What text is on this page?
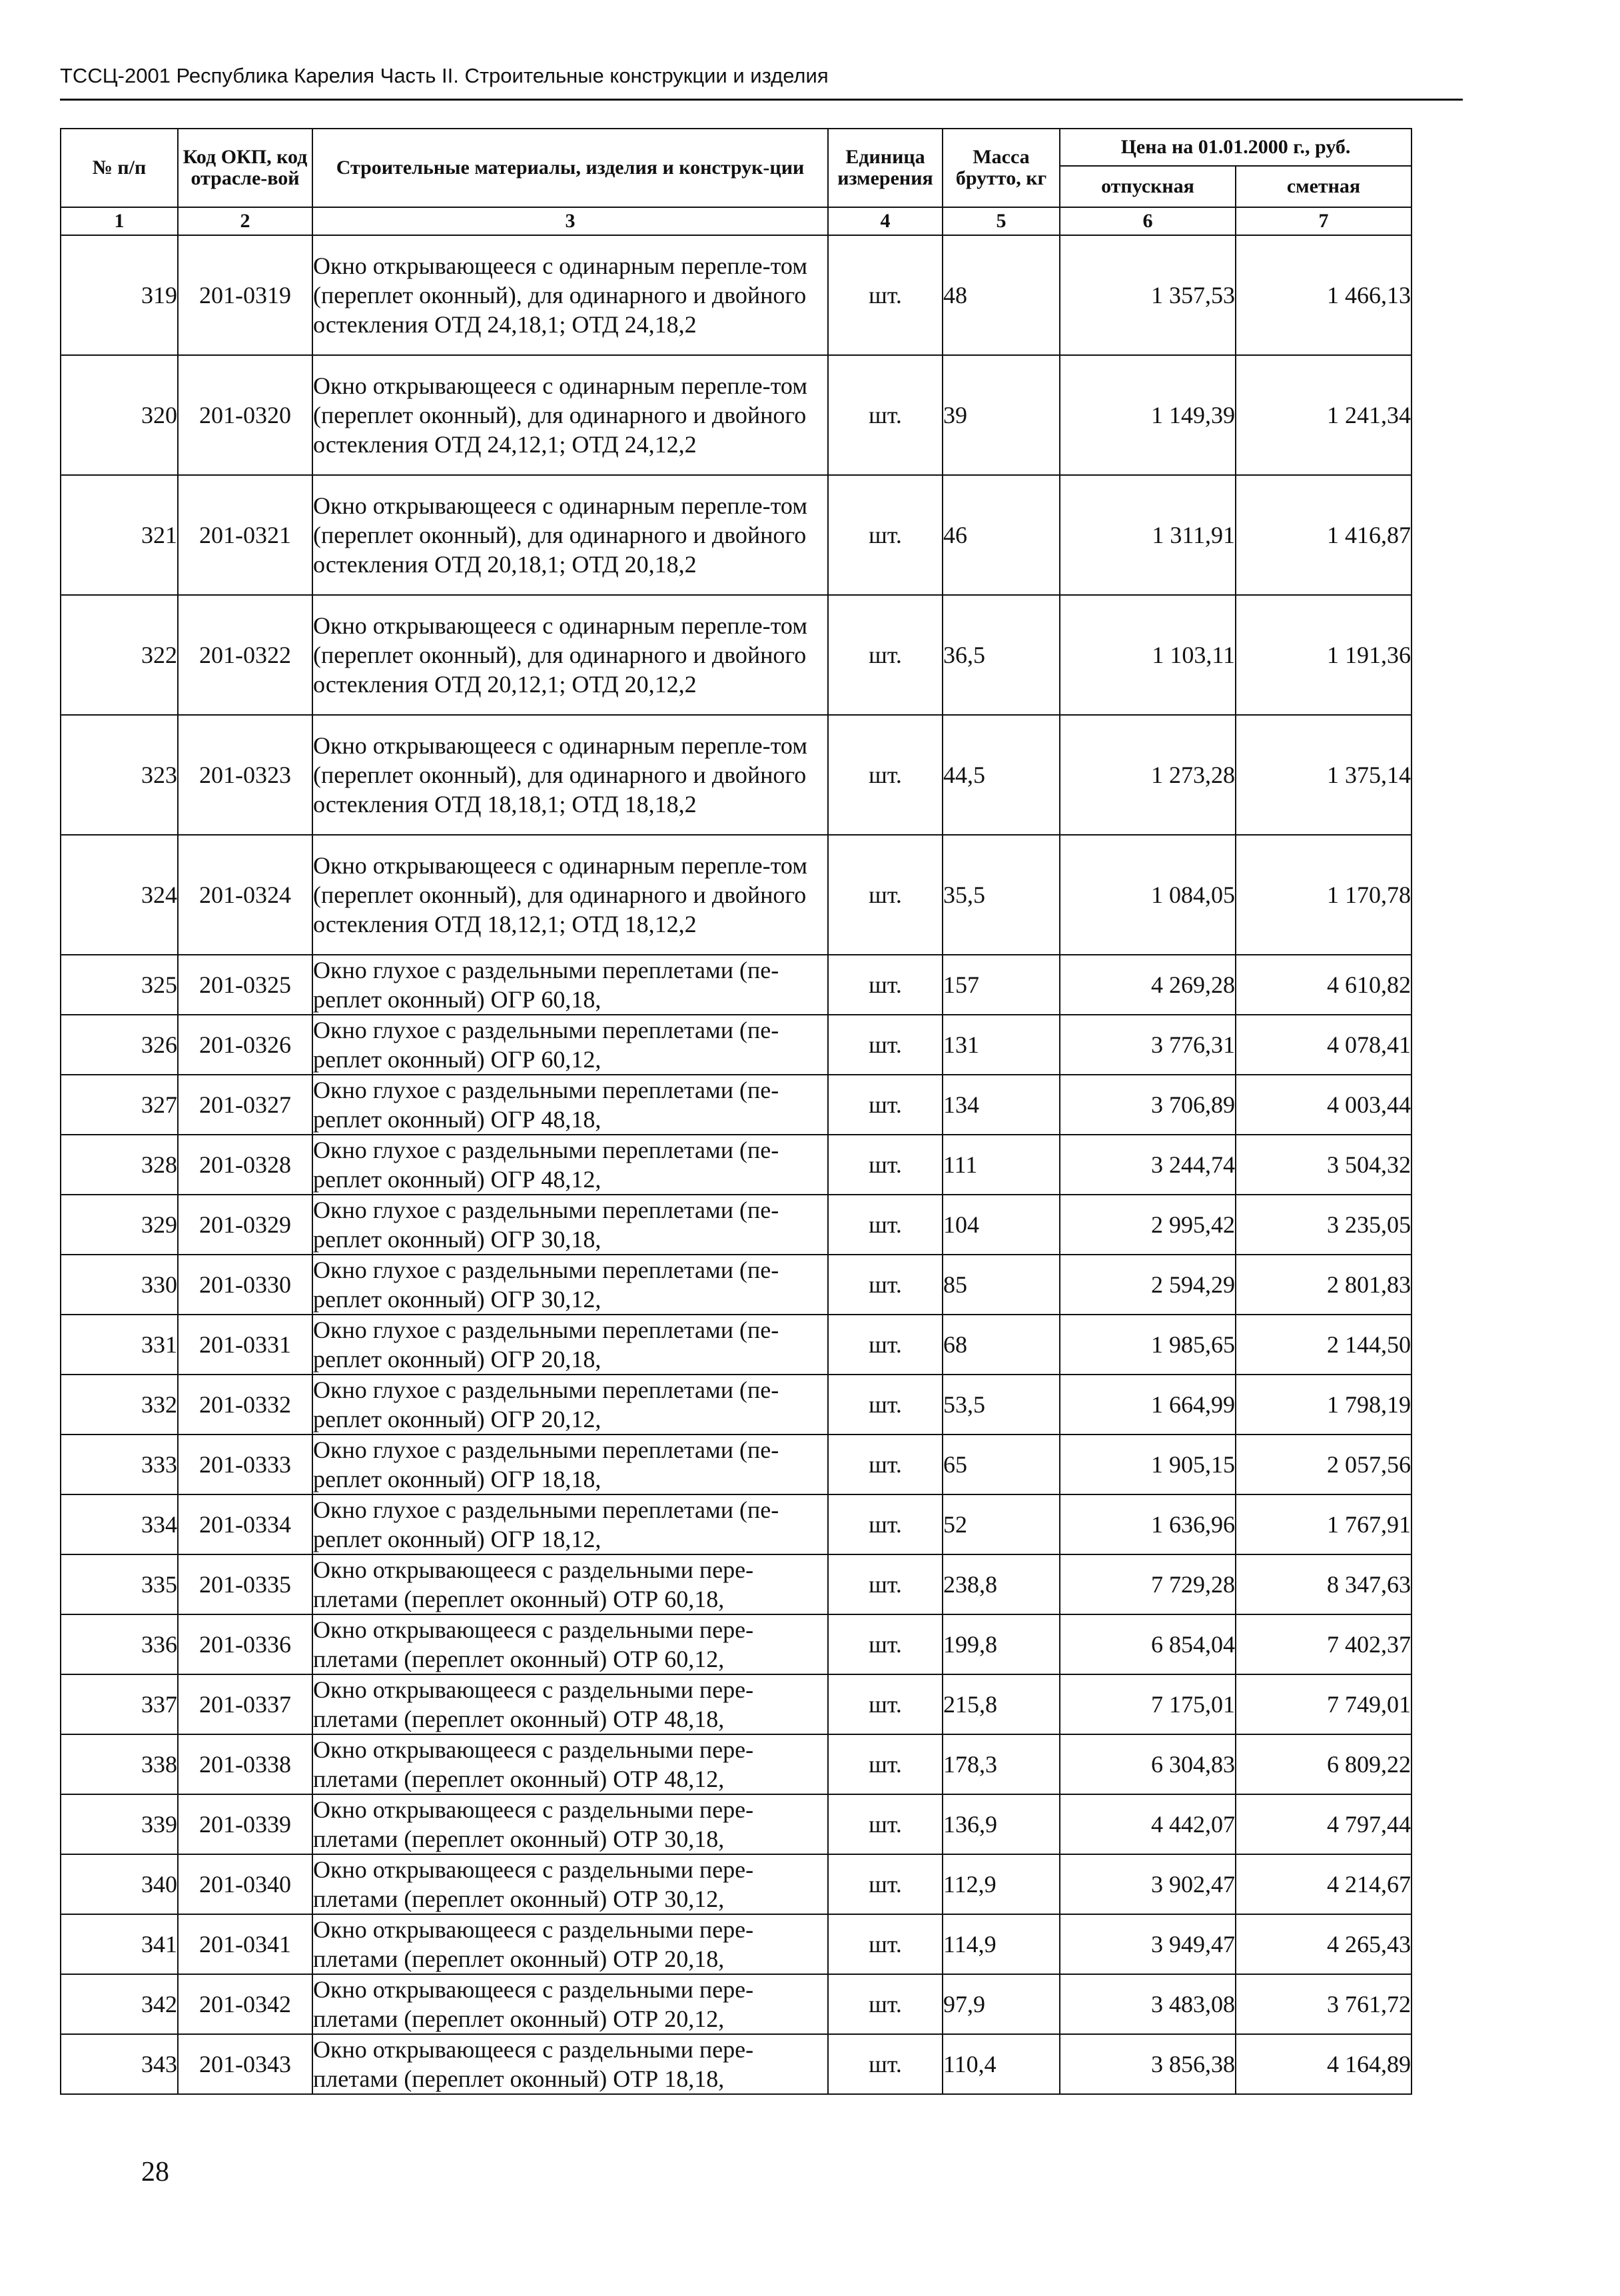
ТССЦ-2001 Республика Карелия Часть II. Строительные конструкции и изделия
№ п/п	Код ОКП, код отрасле-вой	Строительные материалы, изделия и конструк-ции	Единица измерения	Масса брутто, кг	Цена на 01.01.2000 г., руб.	
					отпускная	сметная
1	2	3	4	5	6	7
319	201-0319	Окно открывающееся с одинарным перепле-том (переплет оконный), для одинарного и двойного остекления ОТД 24,18,1; ОТД 24,18,2	шт.	48	1 357,53	1 466,13
320	201-0320	Окно открывающееся с одинарным перепле-том (переплет оконный), для одинарного и двойного остекления ОТД 24,12,1; ОТД 24,12,2	шт.	39	1 149,39	1 241,34
321	201-0321	Окно открывающееся с одинарным перепле-том (переплет оконный), для одинарного и двойного остекления ОТД 20,18,1; ОТД 20,18,2	шт.	46	1 311,91	1 416,87
322	201-0322	Окно открывающееся с одинарным перепле-том (переплет оконный), для одинарного и двойного остекления ОТД 20,12,1; ОТД 20,12,2	шт.	36,5	1 103,11	1 191,36
323	201-0323	Окно открывающееся с одинарным перепле-том (переплет оконный), для одинарного и двойного остекления ОТД 18,18,1; ОТД 18,18,2	шт.	44,5	1 273,28	1 375,14
324	201-0324	Окно открывающееся с одинарным перепле-том (переплет оконный), для одинарного и двойного остекления ОТД 18,12,1; ОТД 18,12,2	шт.	35,5	1 084,05	1 170,78
325	201-0325	Окно глухое с раздельными переплетами (пе-реплет оконный) ОГР 60,18,	шт.	157	4 269,28	4 610,82
326	201-0326	Окно глухое с раздельными переплетами (пе-реплет оконный) ОГР 60,12,	шт.	131	3 776,31	4 078,41
327	201-0327	Окно глухое с раздельными переплетами (пе-реплет оконный) ОГР 48,18,	шт.	134	3 706,89	4 003,44
328	201-0328	Окно глухое с раздельными переплетами (пе-реплет оконный) ОГР 48,12,	шт.	111	3 244,74	3 504,32
329	201-0329	Окно глухое с раздельными переплетами (пе-реплет оконный) ОГР 30,18,	шт.	104	2 995,42	3 235,05
330	201-0330	Окно глухое с раздельными переплетами (пе-реплет оконный) ОГР 30,12,	шт.	85	2 594,29	2 801,83
331	201-0331	Окно глухое с раздельными переплетами (пе-реплет оконный) ОГР 20,18,	шт.	68	1 985,65	2 144,50
332	201-0332	Окно глухое с раздельными переплетами (пе-реплет оконный) ОГР 20,12,	шт.	53,5	1 664,99	1 798,19
333	201-0333	Окно глухое с раздельными переплетами (пе-реплет оконный) ОГР 18,18,	шт.	65	1 905,15	2 057,56
334	201-0334	Окно глухое с раздельными переплетами (пе-реплет оконный) ОГР 18,12,	шт.	52	1 636,96	1 767,91
335	201-0335	Окно открывающееся с раздельными пере-плетами (переплет оконный) ОТР 60,18,	шт.	238,8	7 729,28	8 347,63
336	201-0336	Окно открывающееся с раздельными пере-плетами (переплет оконный) ОТР 60,12,	шт.	199,8	6 854,04	7 402,37
337	201-0337	Окно открывающееся с раздельными пере-плетами (переплет оконный) ОТР 48,18,	шт.	215,8	7 175,01	7 749,01
338	201-0338	Окно открывающееся с раздельными пере-плетами (переплет оконный) ОТР 48,12,	шт.	178,3	6 304,83	6 809,22
339	201-0339	Окно открывающееся с раздельными пере-плетами (переплет оконный) ОТР 30,18,	шт.	136,9	4 442,07	4 797,44
340	201-0340	Окно открывающееся с раздельными пере-плетами (переплет оконный) ОТР 30,12,	шт.	112,9	3 902,47	4 214,67
341	201-0341	Окно открывающееся с раздельными пере-плетами (переплет оконный) ОТР 20,18,	шт.	114,9	3 949,47	4 265,43
342	201-0342	Окно открывающееся с раздельными пере-плетами (переплет оконный) ОТР 20,12,	шт.	97,9	3 483,08	3 761,72
343	201-0343	Окно открывающееся с раздельными пере-плетами (переплет оконный) ОТР 18,18,	шт.	110,4	3 856,38	4 164,89
28
